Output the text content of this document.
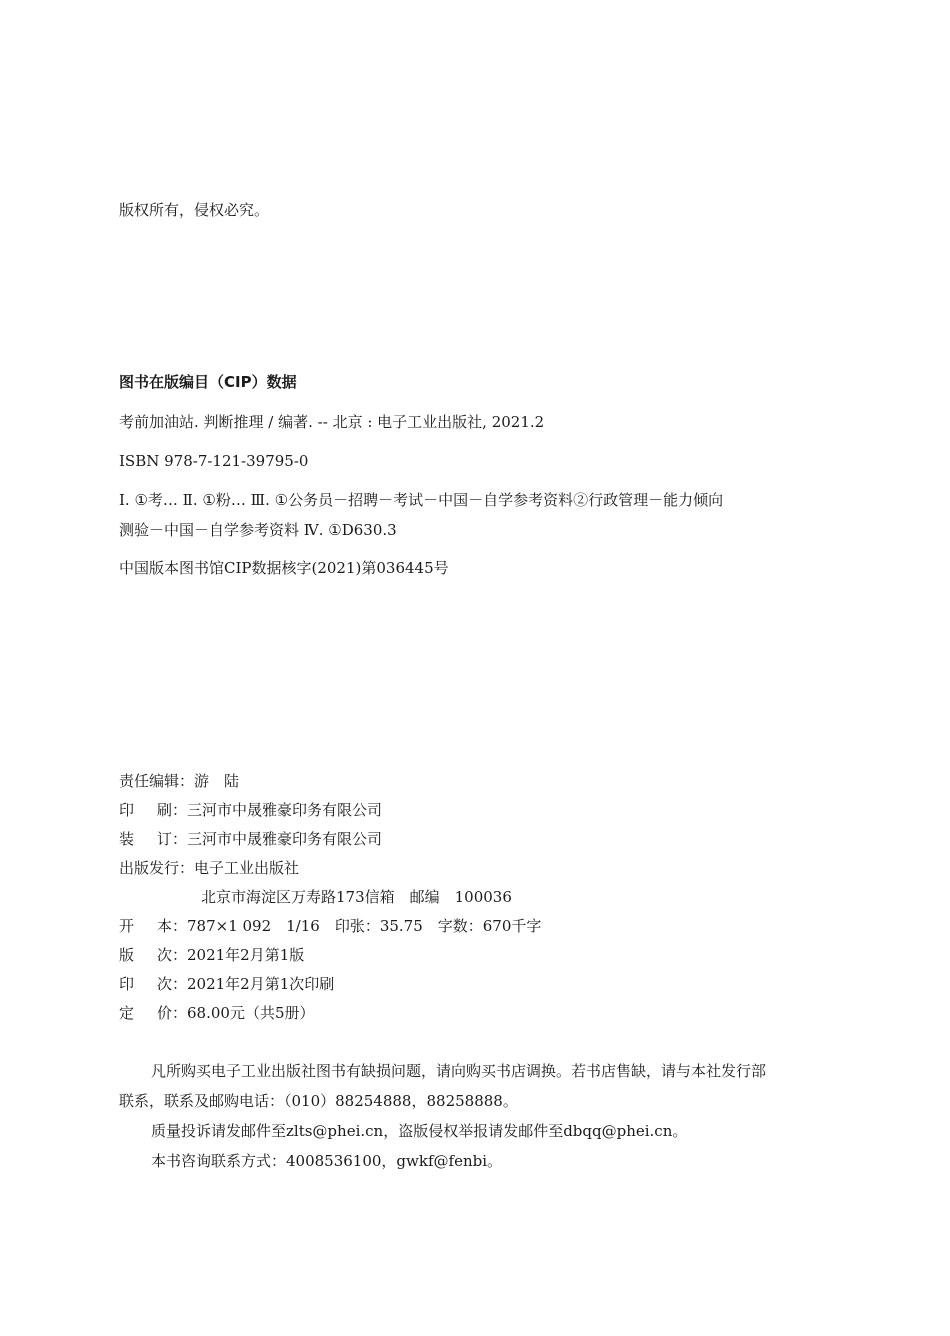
版权所有，侵权必究。
图书在版编目（CIP）数据
考前加油站. 判断推理 / 编著. -- 北京 : 电子工业出版社, 2021.2
ISBN 978-7-121-39795-0
Ⅰ. ①考… Ⅱ. ①粉… Ⅲ. ①公务员－招聘－考试－中国－自学参考资料②行政管理－能力倾向
测验－中国－自学参考资料 Ⅳ. ①D630.3
中国版本图书馆CIP数据核字(2021)第036445号
责任编辑： 游　陆
印 刷： 三河市中晟雅豪印务有限公司
装 订： 三河市中晟雅豪印务有限公司
出版发行： 电子工业出版社
北京市海淀区万寿路173信箱　邮编　100036
开 本： 787×1 092　1/16　印张：35.75　字数：670千字
版 次： 2021年2月第1版
印 次： 2021年2月第1次印刷
定 价： 68.00元（共5册）
凡所购买电子工业出版社图书有缺损问题，请向购买书店调换。若书店售缺，请与本社发行部
联系，联系及邮购电话：（010）88254888，88258888。
质量投诉请发邮件至zlts@phei.cn，盗版侵权举报请发邮件至dbqq@phei.cn。
本书咨询联系方式：4008536100，gwkf@fenbi。
